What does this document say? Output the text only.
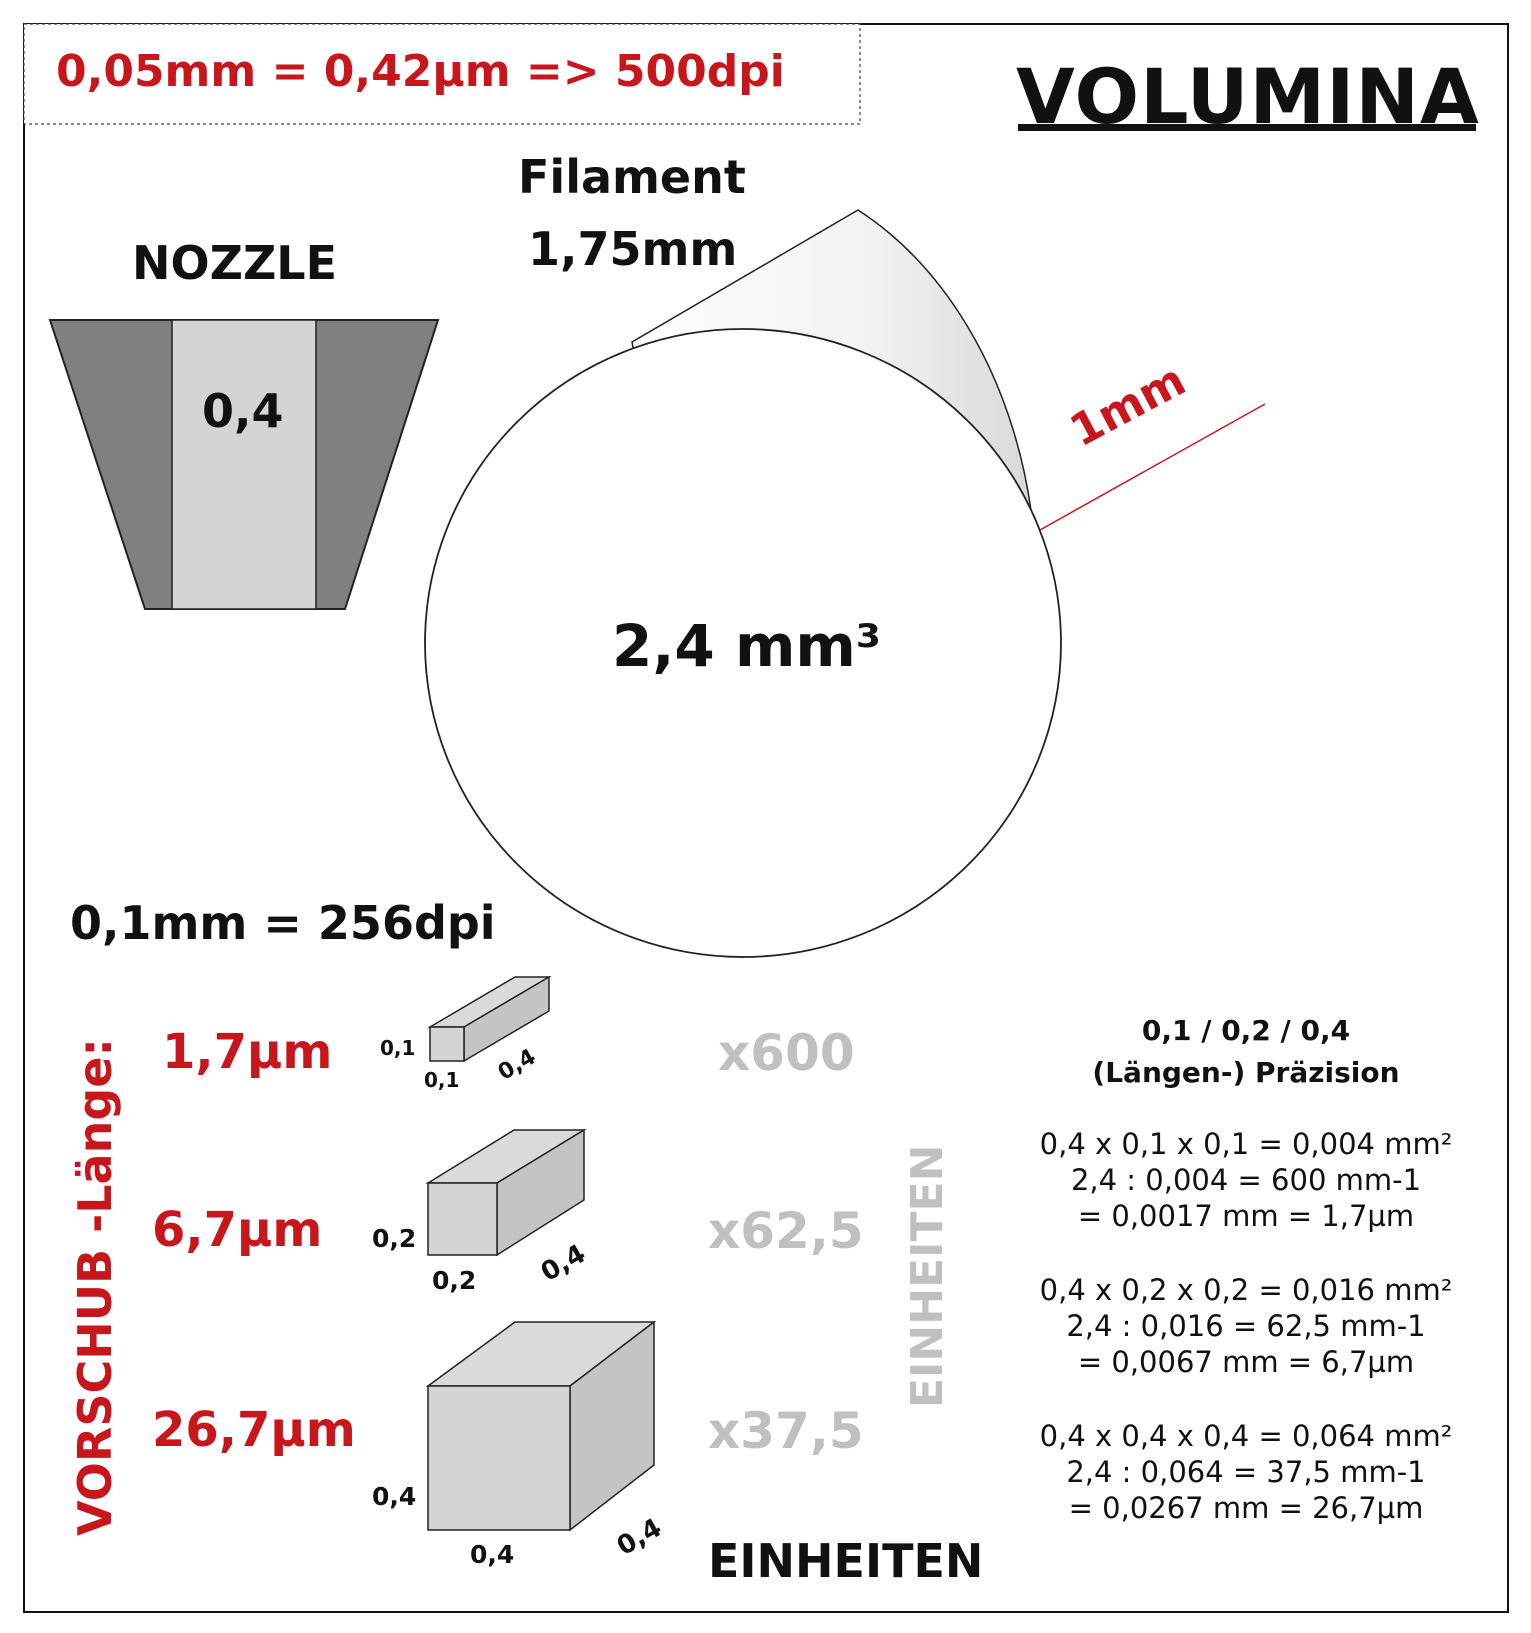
0,05mm = 0,42µm => 500dpi	VOLUMINA
NOZZLE
0,4
Filament
1,75mm
1mm
2,4 mm³
0,1mm = 256dpi
VORSCHUB -Länge: 1,7µm
6,7µm
26,7µm
0,1
0,1 0,4
0,2
0,2 0,4
0,4
0,4	0,4
x600
x62,5
x37,5
EINHEITEN
EINHEITEN
0,1 / 0,2 / 0,4
(Längen-) Präzision
0,4 x 0,1 x 0,1 = 0,004 mm²
2,4 : 0,004 = 600 mm-1
= 0,0017 mm = 1,7µm
0,4 x 0,2 x 0,2 = 0,016 mm²
2,4 : 0,016 = 62,5 mm-1
= 0,0067 mm = 6,7µm
0,4 x 0,4 x 0,4 = 0,064 mm²
2,4 : 0,064 = 37,5 mm-1
= 0,0267 mm = 26,7µm
